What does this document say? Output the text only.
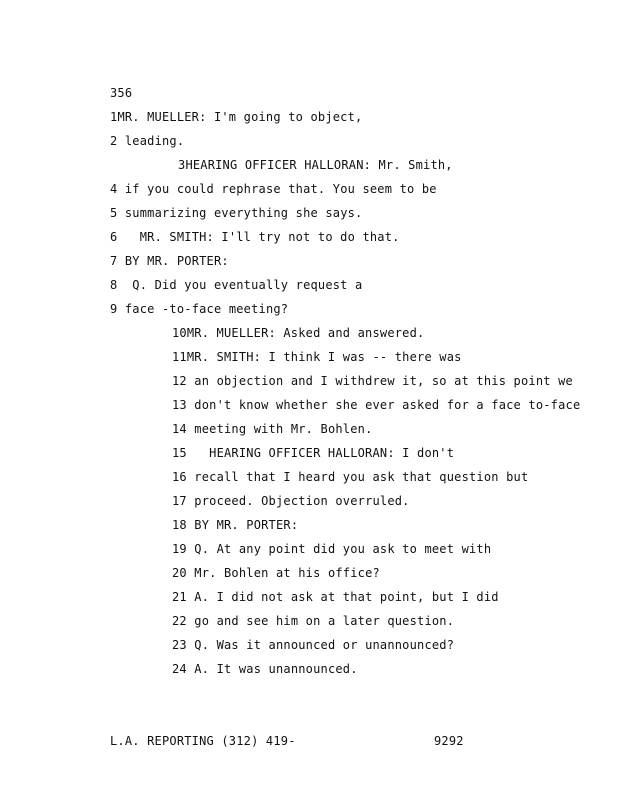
356
1MR. MUELLER: I'm going to object,
2 leading.
3HEARING OFFICER HALLORAN: Mr. Smith,
4 if you could rephrase that. You seem to be
5 summarizing everything she says.
6 MR. SMITH: I'll try not to do that.
7 BY MR. PORTER:
8 Q. Did you eventually request a
9 face -to-face meeting?
10MR. MUELLER: Asked and answered.
11MR. SMITH: I think I was -- there was
12 an objection and I withdrew it, so at this point we
13 don't know whether she ever asked for a face to-face
14 meeting with Mr. Bohlen.
15 HEARING OFFICER HALLORAN: I don't
16 recall that I heard you ask that question but
17 proceed. Objection overruled.
18 BY MR. PORTER:
19 Q. At any point did you ask to meet with
20 Mr. Bohlen at his office?
21 A. I did not ask at that point, but I did
22 go and see him on a later question.
23 Q. Was it announced or unannounced?
24 A. It was unannounced.
L.A. REPORTING (312) 419-	9292
